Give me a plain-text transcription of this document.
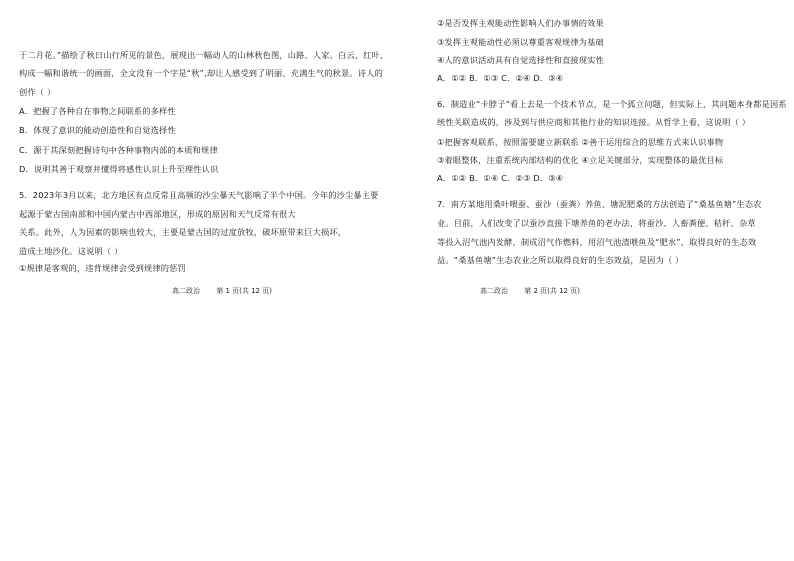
于二月花。”描绘了秋日山行所见的景色，展现出一幅动人的山林秋色图，山路、人家、白云、红叶，
构成一幅和谐统一的画面，全文没有一个字是“秋”,却让人感受到了明丽、充满生气的秋景。诗人的
创作（ ）
A．把握了各种自在事物之间联系的多样性
B．体现了意识的能动创造性和自觉选择性
C．源于其深刻把握诗句中各种事物内部的本质和规律
D．说明其善于观察并懂得将感性认识上升至理性认识
5．2023年3月以来，北方地区有点反常且高频的沙尘暴天气影响了半个中国。今年的沙尘暴主要
起源于蒙古国南部和中国内蒙古中西部地区，形成的原因和天气反常有很大
关系。此外，人为因素的影响也较大，主要是蒙古国的过度放牧，破坏原带来巨大损坏，
造成土地沙化。这说明（ ）
①规律是客观的，违背规律会受到规律的惩罚
高二政治 第 1 页(共 12 页)
②是否发挥主观能动性影响人们办事情的效果
③发挥主观能动性必须以尊重客观规律为基础
④人的意识活动具有自觉选择性和直接现实性
A．①② B．①③ C．②④ D．③④
6．制造业“卡脖子”看上去是一个技术节点，是一个孤立问题，但实际上，其问题本身都是因系
统性关联造成的，涉及到与供应商和其他行业的知识连接。从哲学上看，这说明（ ）
①把握客观联系，按照需要建立新联系 ②善于运用综合的思维方式来认识事物
③着眼整体，注重系统内部结构的优化 ④立足关键部分，实现整体的最优目标
A．①② B．①④ C．②③ D．③④
7．南方某地用桑叶喂蚕、蚕沙（蚕粪）养鱼、塘泥肥桑的方法创造了“桑基鱼塘”生态农
业。目前，人们改变了以蚕沙直接下塘养鱼的老办法，将蚕沙、人畜粪便、秸秆、杂草
等投入沼气池内发酵，制成沼气作燃料，用沼气池渣喂鱼及“肥水”，取得良好的生态效
益。“桑基鱼塘”生态农业之所以取得良好的生态效益，是因为（ ）
高二政治 第 2 页(共 12 页)
